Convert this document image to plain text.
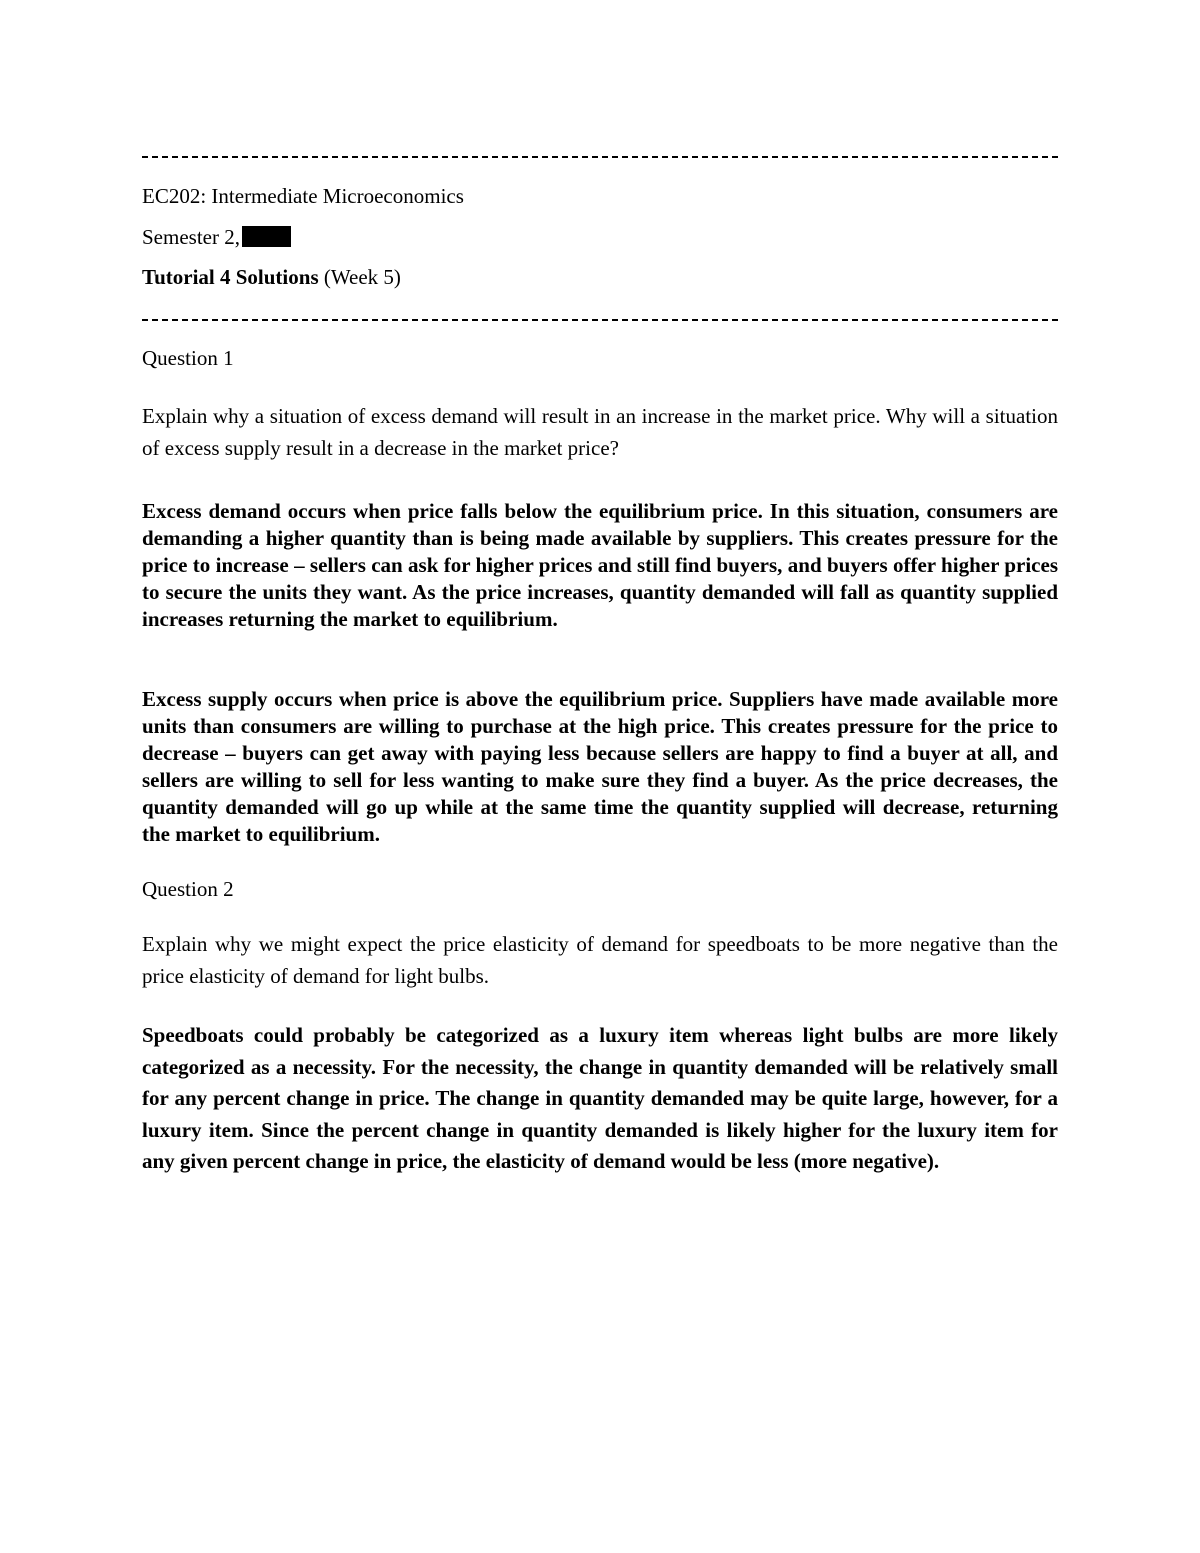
EC202: Intermediate Microeconomics
Semester 2,
Tutorial 4 Solutions (Week 5)
Question 1
Explain why a situation of excess demand will result in an increase in the market price. Why will a situation of excess supply result in a decrease in the market price?
Excess demand occurs when price falls below the equilibrium price. In this situation, consumers are demanding a higher quantity than is being made available by suppliers. This creates pressure for the price to increase – sellers can ask for higher prices and still find buyers, and buyers offer higher prices to secure the units they want. As the price increases, quantity demanded will fall as quantity supplied increases returning the market to equilibrium.
Excess supply occurs when price is above the equilibrium price. Suppliers have made available more units than consumers are willing to purchase at the high price. This creates pressure for the price to decrease – buyers can get away with paying less because sellers are happy to find a buyer at all, and sellers are willing to sell for less wanting to make sure they find a buyer. As the price decreases, the quantity demanded will go up while at the same time the quantity supplied will decrease, returning the market to equilibrium.
Question 2
Explain why we might expect the price elasticity of demand for speedboats to be more negative than the price elasticity of demand for light bulbs.
Speedboats could probably be categorized as a luxury item whereas light bulbs are more likely categorized as a necessity. For the necessity, the change in quantity demanded will be relatively small for any percent change in price. The change in quantity demanded may be quite large, however, for a luxury item. Since the percent change in quantity demanded is likely higher for the luxury item for any given percent change in price, the elasticity of demand would be less (more negative).
